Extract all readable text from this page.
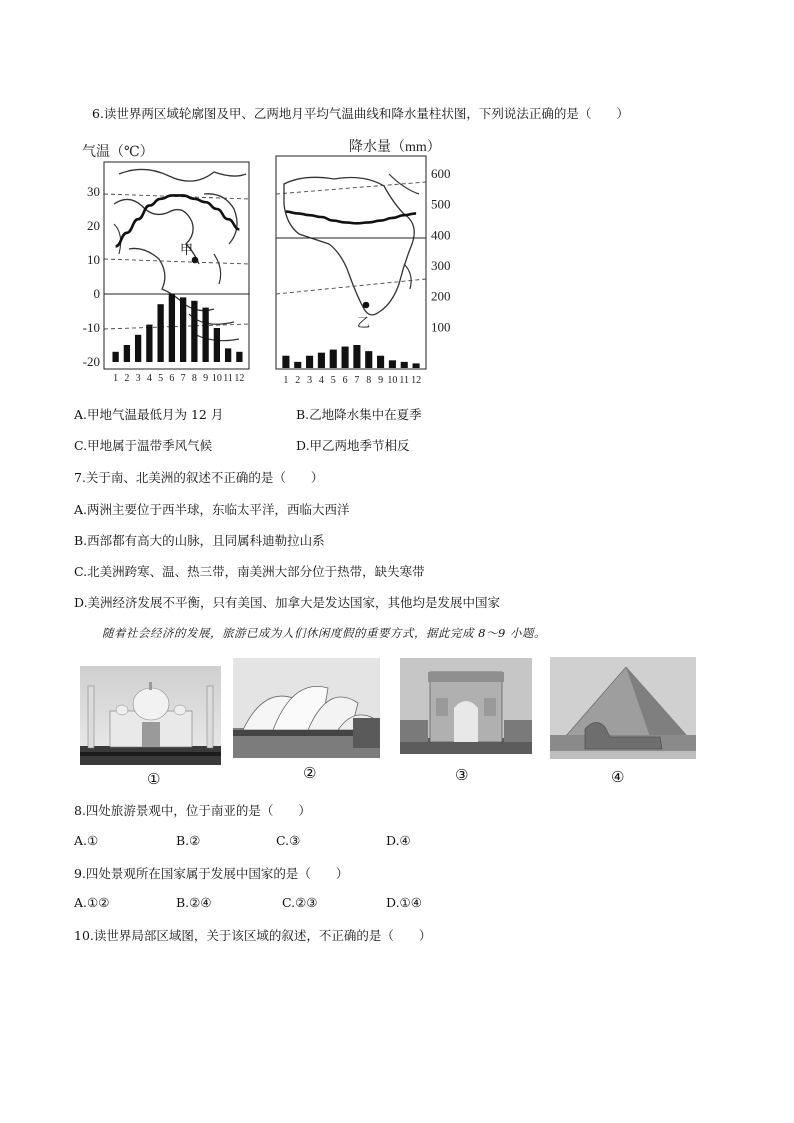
6.读世界两区域轮廓图及甲、乙两地月平均气温曲线和降水量柱状图，下列说法正确的是（　　）
气温（℃）	降水量（mm）
甲
30
20
10
0
-10
-20
1 2 3 4 5 6 7 8 9 10 11 12
乙
600
500
400
300
200
100
1 2 3 4 5 6 7 8 9 10 11 12
A.甲地气温最低月为 12 月	B.乙地降水集中在夏季
C.甲地属于温带季风气候	D.甲乙两地季节相反
7.关于南、北美洲的叙述不正确的是（　　）
A.两洲主要位于西半球，东临太平洋，西临大西洋
B.西部都有高大的山脉，且同属科迪勒拉山系
C.北美洲跨寒、温、热三带，南美洲大部分位于热带，缺失寒带
D.美洲经济发展不平衡，只有美国、加拿大是发达国家，其他均是发展中国家
随着社会经济的发展，旅游已成为人们休闲度假的重要方式，据此完成 8～9 小题。
①	②	③	④
8.四处旅游景观中，位于南亚的是（　　）
A.①	B.②	C.③	D.④
9.四处景观所在国家属于发展中国家的是（　　）
A.①②	B.②④	C.②③	D.①④
10.读世界局部区域图，关于该区域的叙述，不正确的是（　　）
